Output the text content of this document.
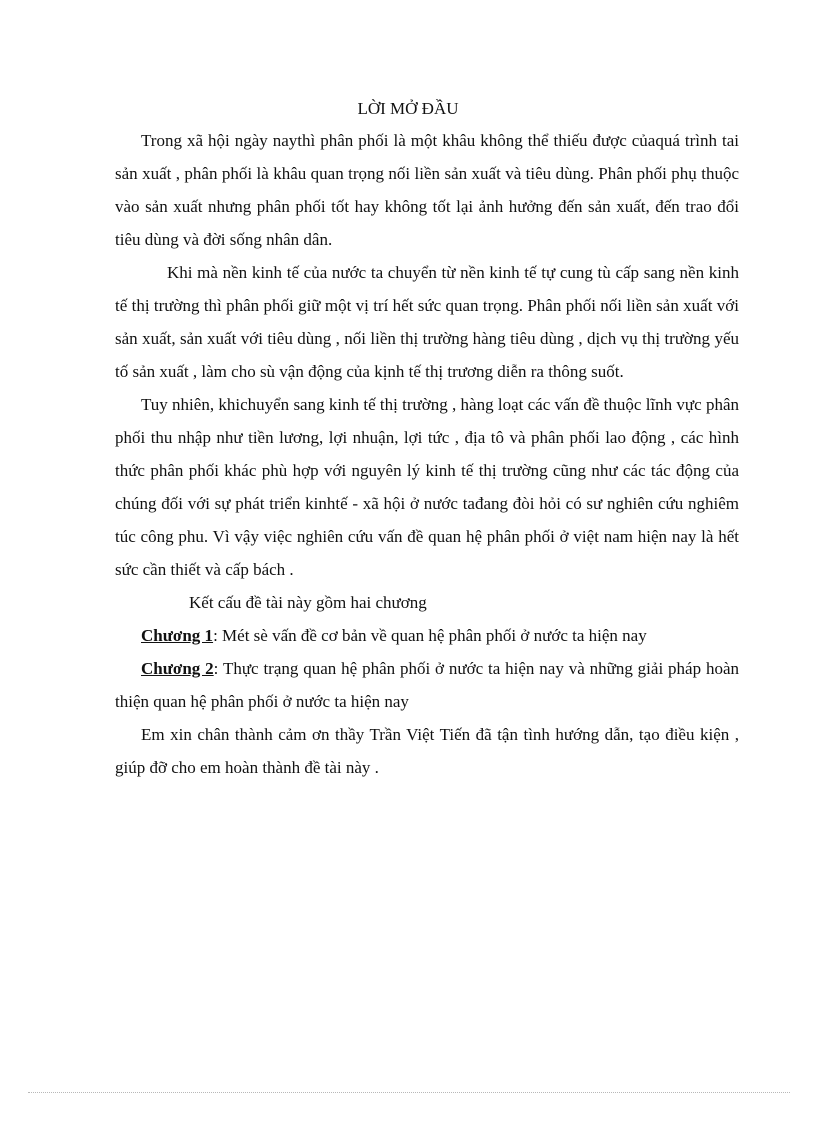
LỜI MỞ ĐẦU

Trong xã hội ngày naythì phân phối là một khâu không thể thiếu được củaquá trình tai sản xuất , phân phối là khâu quan trọng nối liền sản xuất và tiêu dùng. Phân phối phụ thuộc vào sản xuất nhưng phân phối tốt hay không tốt lại ảnh hưởng đến sản xuất, đến trao đổi tiêu dùng và đời sống nhân dân.

Khi mà nền kinh tế của nước ta chuyển từ nền kinh tế tự cung tù cấp sang nền kinh tế thị trường thì phân phối giữ một vị trí hết sức quan trọng. Phân phối nối liền sản xuất với sản xuất, sản xuất với tiêu dùng , nối liền thị trường hàng tiêu dùng , dịch vụ thị trường yếu tố sản xuất , làm cho sù vận động của kịnh tế thị trương diễn ra thông suốt.

Tuy nhiên, khichuyển sang kinh tế thị trường , hàng loạt các vấn đề thuộc lĩnh vực phân phối thu nhập như tiền lương, lợi nhuận, lợi tức , địa tô và phân phối lao động , các hình thức phân phối khác phù hợp với nguyên lý kinh tế thị trường cũng như các tác động của chúng đối với sự phát triển kinhtế - xã hội ở nước tađang đòi hỏi có sư nghiên cứu nghiêm túc công phu. Vì vậy việc nghiên cứu vấn đề quan hệ phân phối ở việt nam hiện nay là hết sức cần thiết và cấp bách .

Kết cấu đề tài này gồm hai chương

Chương 1: Mét sè vấn đề cơ bản về quan hệ phân phối ở nước ta hiện nay

Chương 2: Thực trạng quan hệ phân phối ở nước ta hiện nay và những giải pháp hoàn thiện quan hệ phân phối ở nước ta hiện nay

Em xin chân thành cảm ơn thầy Trần Việt Tiến đã tận tình hướng dẫn, tạo điều kiện , giúp đỡ cho em hoàn thành đề tài này .
